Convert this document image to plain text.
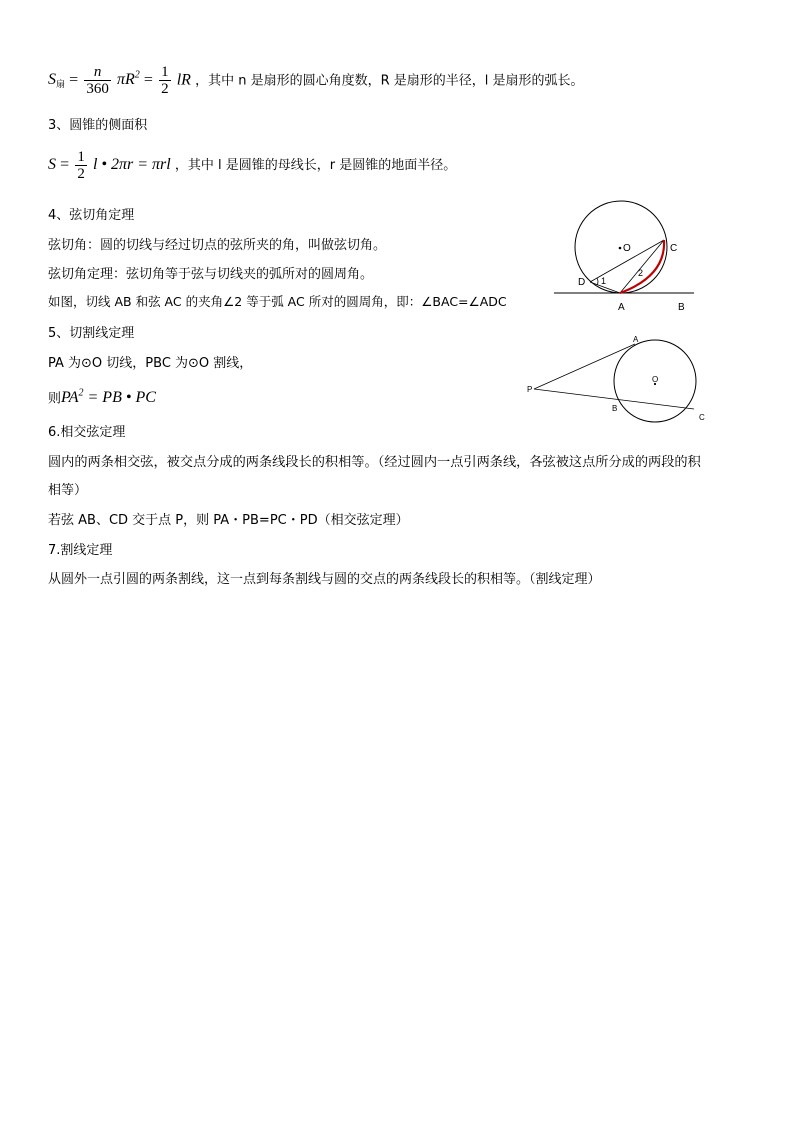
S扇 = $\frac{n}{360} \pi R^2 = \frac{1}{2}$ lR ，其中 n 是扇形的圆心角度数，R 是扇形的半径，l 是扇形的弧长。
3、圆锥的侧面积
$S = \frac{1}{2}$ l • 2πr = πrl ，其中 l 是圆锥的母线长，r 是圆锥的地面半径。
4、弦切角定理
弦切角：圆的切线与经过切点的弦所夹的角，叫做弦切角。
弦切角定理：弦切角等于弦与切线夹的弧所对的圆周角。
如图，切线 AB 和弦 AC 的夹角∠2 等于弧 AC 所对的圆周角，即：∠BAC=∠ADC
O	C
D
A	B
1
2
5、切割线定理
PA 为⊙O 切线，PBC 为⊙O 割线，
则$PA^2$ = PB • PC
A
O
P
B
C
6.相交弦定理
圆内的两条相交弦，被交点分成的两条线段长的积相等。（经过圆内一点引两条线，各弦被这点所分成的两段的积
相等）
若弦 AB、CD 交于点 P，则 PA・PB=PC・PD（相交弦定理）
7.割线定理
从圆外一点引圆的两条割线，这一点到每条割线与圆的交点的两条线段长的积相等。（割线定理）
